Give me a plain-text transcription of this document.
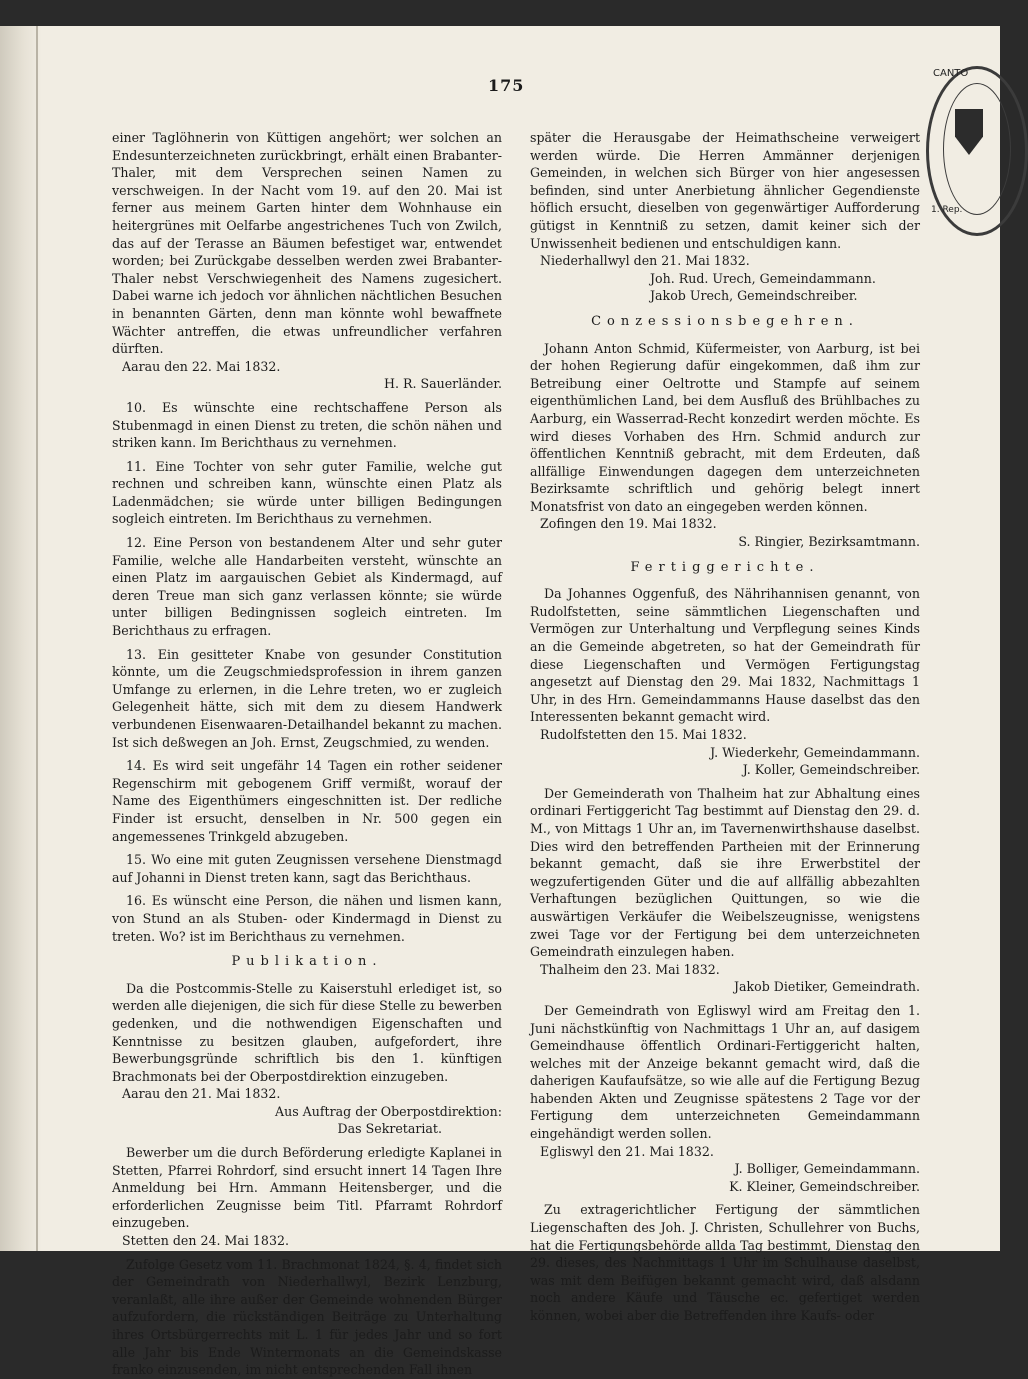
175
CANTO
1. Rep.

einer Taglöhnerin von Küttigen angehört; wer solchen an Endesunterzeichneten zurückbringt, erhält einen Brabanter-Thaler, mit dem Versprechen seinen Namen zu verschweigen. In der Nacht vom 19. auf den 20. Mai ist ferner aus meinem Garten hinter dem Wohnhause ein heitergrünes mit Oelfarbe angestrichenes Tuch von Zwilch, das auf der Terasse an Bäumen befestiget war, entwendet worden; bei Zurückgabe desselben werden zwei Brabanter-Thaler nebst Verschwiegenheit des Namens zugesichert. Dabei warne ich jedoch vor ähnlichen nächtlichen Besuchen in benannten Gärten, denn man könnte wohl bewaffnete Wächter antreffen, die etwas unfreundlicher verfahren dürften.

Aarau den 22. Mai 1832.

H. R. Sauerländer.

10. Es wünschte eine rechtschaffene Person als Stubenmagd in einen Dienst zu treten, die schön nähen und striken kann. Im Berichthaus zu vernehmen.

11. Eine Tochter von sehr guter Familie, welche gut rechnen und schreiben kann, wünschte einen Platz als Ladenmädchen; sie würde unter billigen Bedingungen sogleich eintreten. Im Berichthaus zu vernehmen.

12. Eine Person von bestandenem Alter und sehr guter Familie, welche alle Handarbeiten versteht, wünschte an einen Platz im aargauischen Gebiet als Kindermagd, auf deren Treue man sich ganz verlassen könnte; sie würde unter billigen Bedingnissen sogleich eintreten. Im Berichthaus zu erfragen.

13. Ein gesitteter Knabe von gesunder Constitution könnte, um die Zeugschmiedsprofession in ihrem ganzen Umfange zu erlernen, in die Lehre treten, wo er zugleich Gelegenheit hätte, sich mit dem zu diesem Handwerk verbundenen Eisenwaaren-Detailhandel bekannt zu machen. Ist sich deßwegen an Joh. Ernst, Zeugschmied, zu wenden.

14. Es wird seit ungefähr 14 Tagen ein rother seidener Regenschirm mit gebogenem Griff vermißt, worauf der Name des Eigenthümers eingeschnitten ist. Der redliche Finder ist ersucht, denselben in Nr. 500 gegen ein angemessenes Trinkgeld abzugeben.

15. Wo eine mit guten Zeugnissen versehene Dienstmagd auf Johanni in Dienst treten kann, sagt das Berichthaus.

16. Es wünscht eine Person, die nähen und lismen kann, von Stund an als Stuben- oder Kindermagd in Dienst zu treten. Wo? ist im Berichthaus zu vernehmen.

Publikation.

Da die Postcommis-Stelle zu Kaiserstuhl erlediget ist, so werden alle diejenigen, die sich für diese Stelle zu bewerben gedenken, und die nothwendigen Eigenschaften und Kenntnisse zu besitzen glauben, aufgefordert, ihre Bewerbungsgründe schriftlich bis den 1. künftigen Brachmonats bei der Oberpostdirektion einzugeben.

Aarau den 21. Mai 1832.

Aus Auftrag der Oberpostdirektion:

Das Sekretariat.

Bewerber um die durch Beförderung erledigte Kaplanei in Stetten, Pfarrei Rohrdorf, sind ersucht innert 14 Tagen Ihre Anmeldung bei Hrn. Ammann Heitensberger, und die erforderlichen Zeugnisse beim Titl. Pfarramt Rohrdorf einzugeben.

Stetten den 24. Mai 1832.

Zufolge Gesetz vom 11. Brachmonat 1824, §. 4, findet sich der Gemeindrath von Niederhallwyl, Bezirk Lenzburg, veranlaßt, alle ihre außer der Gemeinde wohnenden Bürger aufzufordern, die rückständigen Beiträge zu Unterhaltung ihres Ortsbürgerrechts mit L. 1 für jedes Jahr und so fort alle Jahr bis Ende Wintermonats an die Gemeindskasse franko einzusenden, im nicht entsprechenden Fall ihnen

später die Herausgabe der Heimathscheine verweigert werden würde. Die Herren Ammänner derjenigen Gemeinden, in welchen sich Bürger von hier angesessen befinden, sind unter Anerbietung ähnlicher Gegendienste höflich ersucht, dieselben von gegenwärtiger Aufforderung gütigst in Kenntniß zu setzen, damit keiner sich der Unwissenheit bedienen und entschuldigen kann.

Niederhallwyl den 21. Mai 1832.

Joh. Rud. Urech, Gemeindammann.

Jakob Urech, Gemeindschreiber.

Conzessionsbegehren.

Johann Anton Schmid, Küfermeister, von Aarburg, ist bei der hohen Regierung dafür eingekommen, daß ihm zur Betreibung einer Oeltrotte und Stampfe auf seinem eigenthümlichen Land, bei dem Ausfluß des Brühlbaches zu Aarburg, ein Wasserrad-Recht konzedirt werden möchte. Es wird dieses Vorhaben des Hrn. Schmid andurch zur öffentlichen Kenntniß gebracht, mit dem Erdeuten, daß allfällige Einwendungen dagegen dem unterzeichneten Bezirksamte schriftlich und gehörig belegt innert Monatsfrist von dato an eingegeben werden können.

Zofingen den 19. Mai 1832.

S. Ringier, Bezirksamtmann.

Fertiggerichte.

Da Johannes Oggenfuß, des Nährihannisen genannt, von Rudolfstetten, seine sämmtlichen Liegenschaften und Vermögen zur Unterhaltung und Verpflegung seines Kinds an die Gemeinde abgetreten, so hat der Gemeindrath für diese Liegenschaften und Vermögen Fertigungstag angesetzt auf Dienstag den 29. Mai 1832, Nachmittags 1 Uhr, in des Hrn. Gemeindammanns Hause daselbst das den Interessenten bekannt gemacht wird.

Rudolfstetten den 15. Mai 1832.

J. Wiederkehr, Gemeindammann.

J. Koller, Gemeindschreiber.

Der Gemeinderath von Thalheim hat zur Abhaltung eines ordinari Fertiggericht Tag bestimmt auf Dienstag den 29. d. M., von Mittags 1 Uhr an, im Tavernenwirthshause daselbst. Dies wird den betreffenden Partheien mit der Erinnerung bekannt gemacht, daß sie ihre Erwerbstitel der wegzufertigenden Güter und die auf allfällig abbezahlten Verhaftungen bezüglichen Quittungen, so wie die auswärtigen Verkäufer die Weibelszeugnisse, wenigstens zwei Tage vor der Fertigung bei dem unterzeichneten Gemeindrath einzulegen haben.

Thalheim den 23. Mai 1832.

Jakob Dietiker, Gemeindrath.

Der Gemeindrath von Egliswyl wird am Freitag den 1. Juni nächstkünftig von Nachmittags 1 Uhr an, auf dasigem Gemeindhause öffentlich Ordinari-Fertiggericht halten, welches mit der Anzeige bekannt gemacht wird, daß die daherigen Kaufaufsätze, so wie alle auf die Fertigung Bezug habenden Akten und Zeugnisse spätestens 2 Tage vor der Fertigung dem unterzeichneten Gemeindammann eingehändigt werden sollen.

Egliswyl den 21. Mai 1832.

J. Bolliger, Gemeindammann.

K. Kleiner, Gemeindschreiber.

Zu extragerichtlicher Fertigung der sämmtlichen Liegenschaften des Joh. J. Christen, Schullehrer von Buchs, hat die Fertigungsbehörde allda Tag bestimmt, Dienstag den 29. dieses, des Nachmittags 1 Uhr im Schulhause daselbst, was mit dem Beifügen bekannt gemacht wird, daß alsdann noch andere Käufe und Täusche ec. gefertiget werden können, wobei aber die Betreffenden ihre Kaufs- oder
